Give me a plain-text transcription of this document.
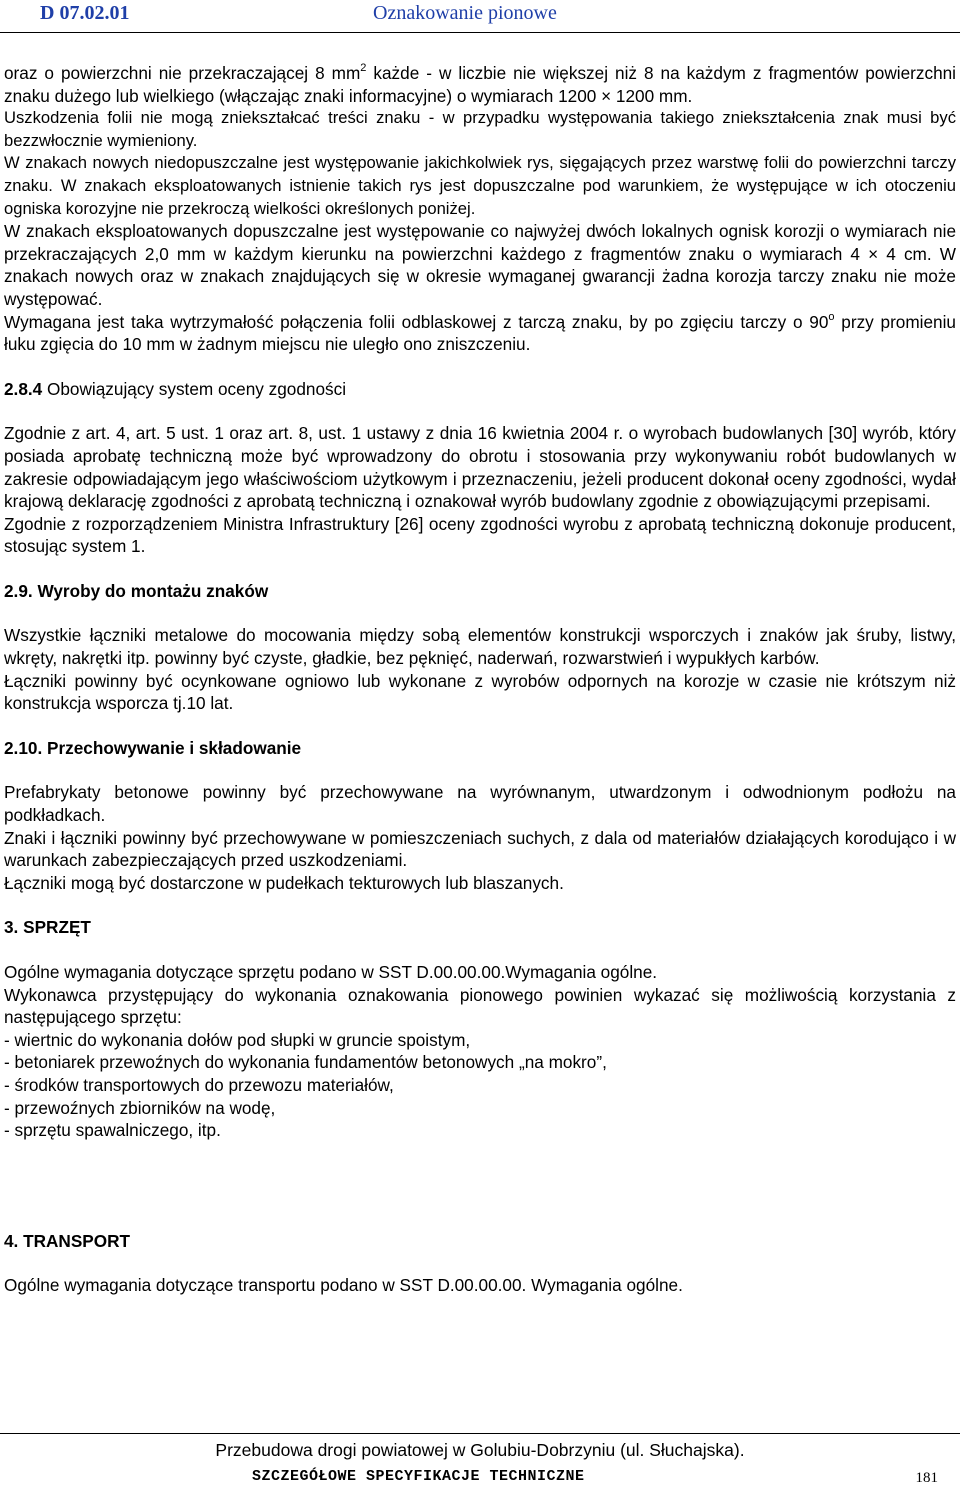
D 07.02.01	Oznakowanie pionowe

oraz o powierzchni nie przekraczającej 8 $mm^2$ każde - w liczbie nie większej niż 8 na każdym z fragmentów powierzchni znaku dużego lub wielkiego (włączając znaki informacyjne) o wymiarach 1200 × 1200 mm.

Uszkodzenia folii nie mogą zniekształcać treści znaku - w przypadku występowania takiego zniekształcenia znak musi być bezzwłocznie wymieniony.

W znakach nowych niedopuszczalne jest występowanie jakichkolwiek rys, sięgających przez warstwę folii do powierzchni tarczy znaku. W znakach eksploatowanych istnienie takich rys jest dopuszczalne pod warunkiem, że występujące w ich otoczeniu ogniska korozyjne nie przekroczą wielkości określonych poniżej.

W znakach eksploatowanych dopuszczalne jest występowanie co najwyżej dwóch lokalnych ognisk korozji o wymiarach nie przekraczających 2,0 mm w każdym kierunku na powierzchni każdego z fragmentów znaku o wymiarach 4 × 4 cm. W znakach nowych oraz w znakach znajdujących się w okresie wymaganej gwarancji żadna korozja tarczy znaku nie może występować.

Wymagana jest taka wytrzymałość połączenia folii odblaskowej z tarczą znaku, by po zgięciu tarczy o 90$^o$ przy promieniu łuku zgięcia do 10 mm w żadnym miejscu nie uległo ono zniszczeniu.

2.8.4 Obowiązujący system oceny zgodności

Zgodnie z art. 4, art. 5 ust. 1 oraz art. 8, ust. 1 ustawy z dnia 16 kwietnia 2004 r. o wyrobach budowlanych [30] wyrób, który posiada aprobatę techniczną może być wprowadzony do obrotu i stosowania przy wykonywaniu robót budowlanych w zakresie odpowiadającym jego właściwościom użytkowym i przeznaczeniu, jeżeli producent dokonał oceny zgodności, wydał krajową deklarację zgodności z aprobatą techniczną i oznakował wyrób budowlany zgodnie z obowiązującymi przepisami.

Zgodnie z rozporządzeniem Ministra Infrastruktury [26] oceny zgodności wyrobu z aprobatą techniczną dokonuje producent, stosując system 1.

2.9. Wyroby do montażu znaków

Wszystkie łączniki metalowe do mocowania między sobą elementów konstrukcji wsporczych i znaków jak śruby, listwy, wkręty, nakrętki itp. powinny być czyste, gładkie, bez pęknięć, naderwań, rozwarstwień i wypukłych karbów.

Łączniki powinny być ocynkowane ogniowo lub wykonane z wyrobów odpornych na korozje w czasie nie krótszym niż konstrukcja wsporcza tj.10 lat.

2.10. Przechowywanie i składowanie

Prefabrykaty betonowe powinny być przechowywane na wyrównanym, utwardzonym i odwodnionym podłożu na podkładkach.

Znaki i łączniki powinny być przechowywane w pomieszczeniach suchych, z dala od materiałów działających korodująco i w warunkach zabezpieczających przed uszkodzeniami.

Łączniki mogą być dostarczone w pudełkach tekturowych lub blaszanych.

3. SPRZĘT

Ogólne wymagania dotyczące sprzętu podano w SST D.00.00.00.Wymagania ogólne.

Wykonawca przystępujący do wykonania oznakowania pionowego powinien wykazać się możliwością korzystania z następującego sprzętu:

- wiertnic do wykonania dołów pod słupki w gruncie spoistym,

- betoniarek przewoźnych do wykonania fundamentów betonowych „na mokro”,

- środków transportowych do przewozu materiałów,

- przewoźnych zbiorników na wodę,

- sprzętu spawalniczego, itp.

4. TRANSPORT

Ogólne wymagania dotyczące transportu podano w SST D.00.00.00. Wymagania ogólne.

Przebudowa drogi powiatowej w Golubiu-Dobrzyniu (ul. Słuchajska).
SZCZEGÓŁOWE SPECYFIKACJE TECHNICZNE	181
